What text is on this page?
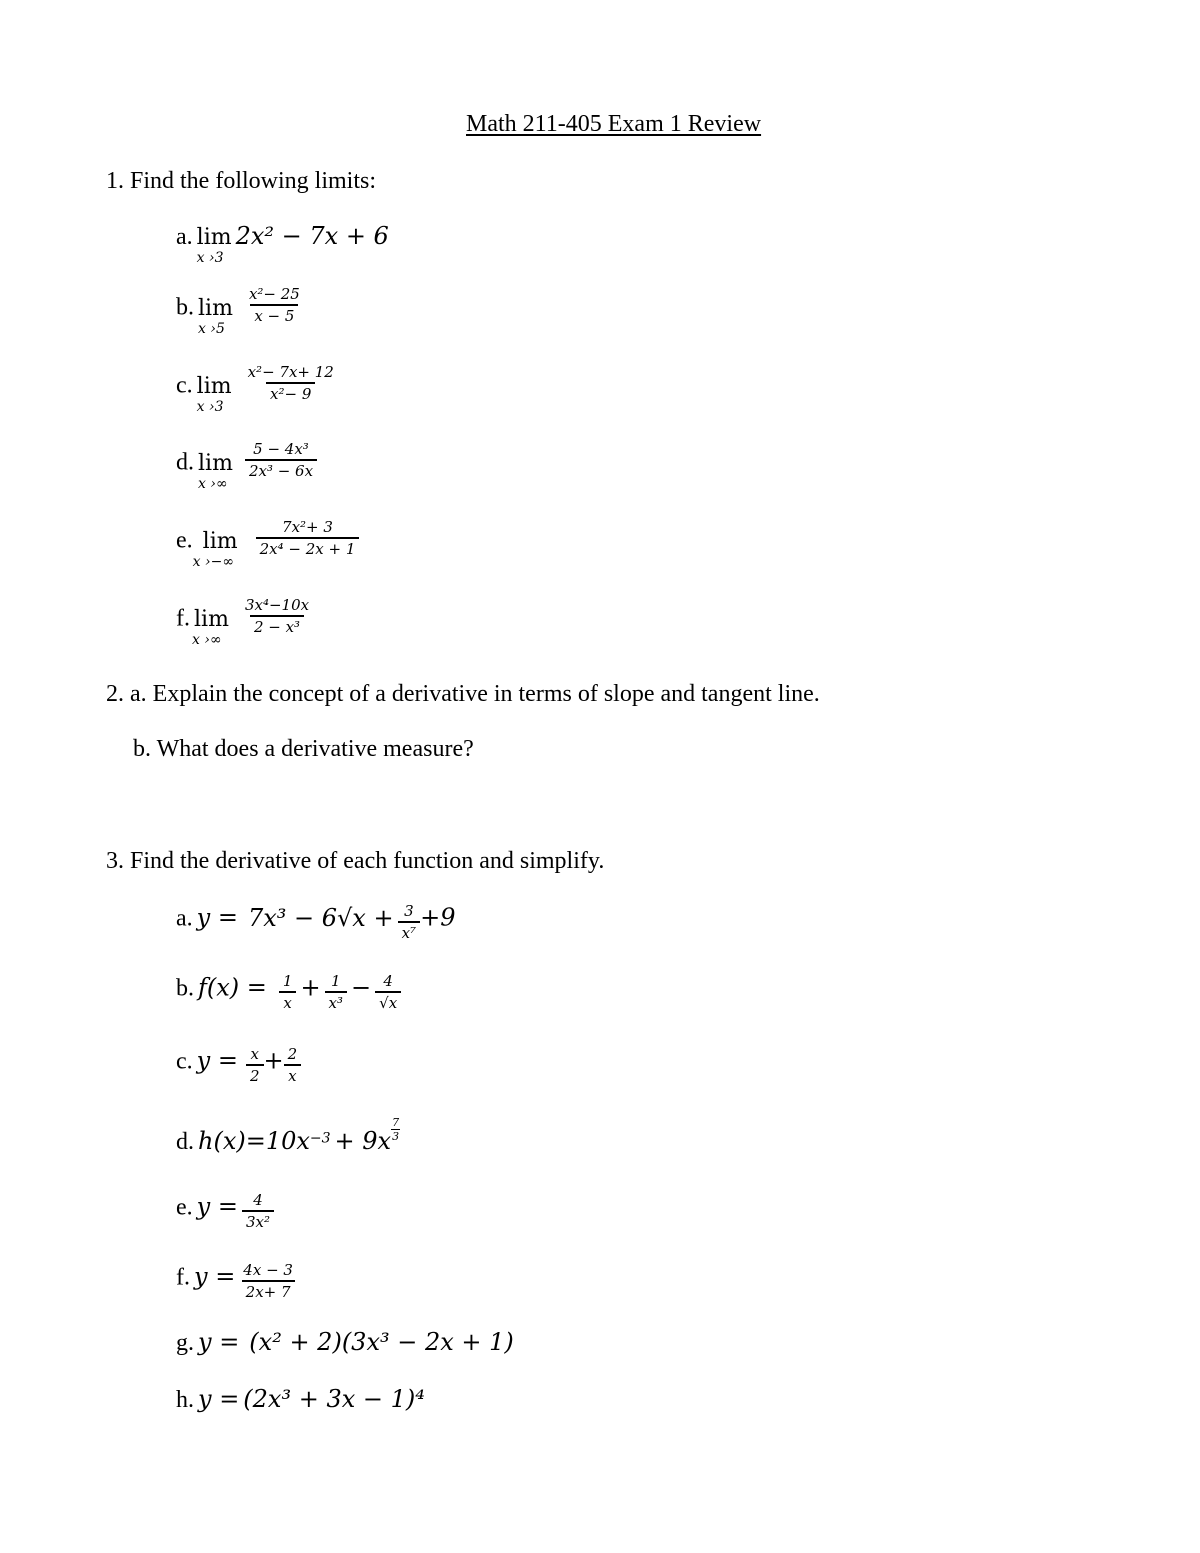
Math 211-405 Exam 1 Review
1. Find the following limits:
a. lim
x ›3
2x² − 7x + 6
b. lim
x ›5

$\frac{\text{x²− 25}}{x - 5}$
c. lim
x ›3

$\frac{\text{x²− 7x+ 12}}{\text{x²− 9}}$
d. lim
x ›∞

$\frac{\text{5 − 4x³}}{\text{2x³ − 6x}}$
e. lim
x ›−∞

$\frac{\text{7x²+ 3}}{\text{2x⁴ − 2x + 1}}$
f. lim
x ›∞

$\frac{\text{3x⁴−10x}}{\text{2 − x³}}$
2. a. Explain the concept of a derivative in terms of slope and tangent line.
b. What does a derivative measure?
3. Find the derivative of each function and simplify.
a. $y = 7x^3 - 6√x + \frac{3}{\text{x⁷}} +9$
b. $f(x) = \frac{1}{x} + \frac{1}{\text{x³}} - \frac{4}{√x}$
c. $y = \frac{x}{2} + \frac{2}{x}$
d. $h(x)=10x-3 + 9x \frac{7}{3}$
e. $y = \frac{4}{\text{3x²}}$
f. $y = \frac{4x - 3}{2x+ 7}$
g. y = (x² + 2)(3x³ − 2x + 1)
h. y = (2x³ + 3x − 1)⁴
